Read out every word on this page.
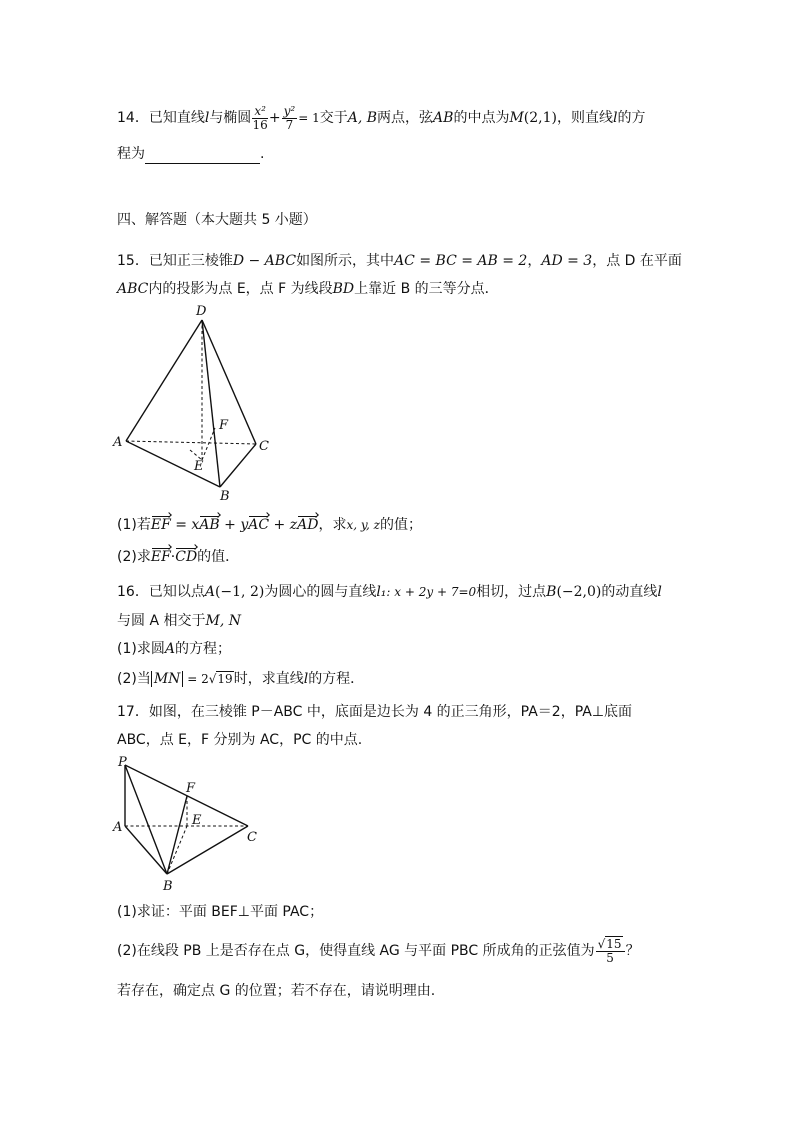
14．已知直线l与椭圆 $\frac{\text{x²}}{16} + \frac{\text{y²}}{7} = 1$交于A, B两点，弦AB的中点为M(2,1)，则直线l的方
程为	.
四、解答题（本大题共 5 小题）
15．已知正三棱锥D − ABC如图所示，其中AC = BC = AB = 2，AD = 3，点 D 在平面
ABC内的投影为点 E，点 F 为线段BD上靠近 B 的三等分点．
D
A	C
B
E
F
(1)若EF = xAB + yAC + zAD，求x, y, z的值；
(2)求EF·CD的值．
16．已知以点A(−1, 2)为圆心的圆与直线l₁: x + 2y + 7=0相切，过点B(−2,0)的动直线l
与圆 A 相交于M, N
(1)求圆A的方程；
(2)当 MN = 2√19时，求直线l的方程．
17．如图，在三棱锥 P－ABC 中，底面是边长为 4 的正三角形，PA＝2，PA⊥底面
ABC，点 E，F 分别为 AC，PC 的中点.
P
F
A	E
C
B
(1)求证：平面 BEF⊥平面 PAC；
(2)在线段 PB 上是否存在点 G，使得直线 AG 与平面 PBC 所成角的正弦值为 $\frac{√15}{5}$ ？
若存在，确定点 G 的位置；若不存在，请说明理由.
